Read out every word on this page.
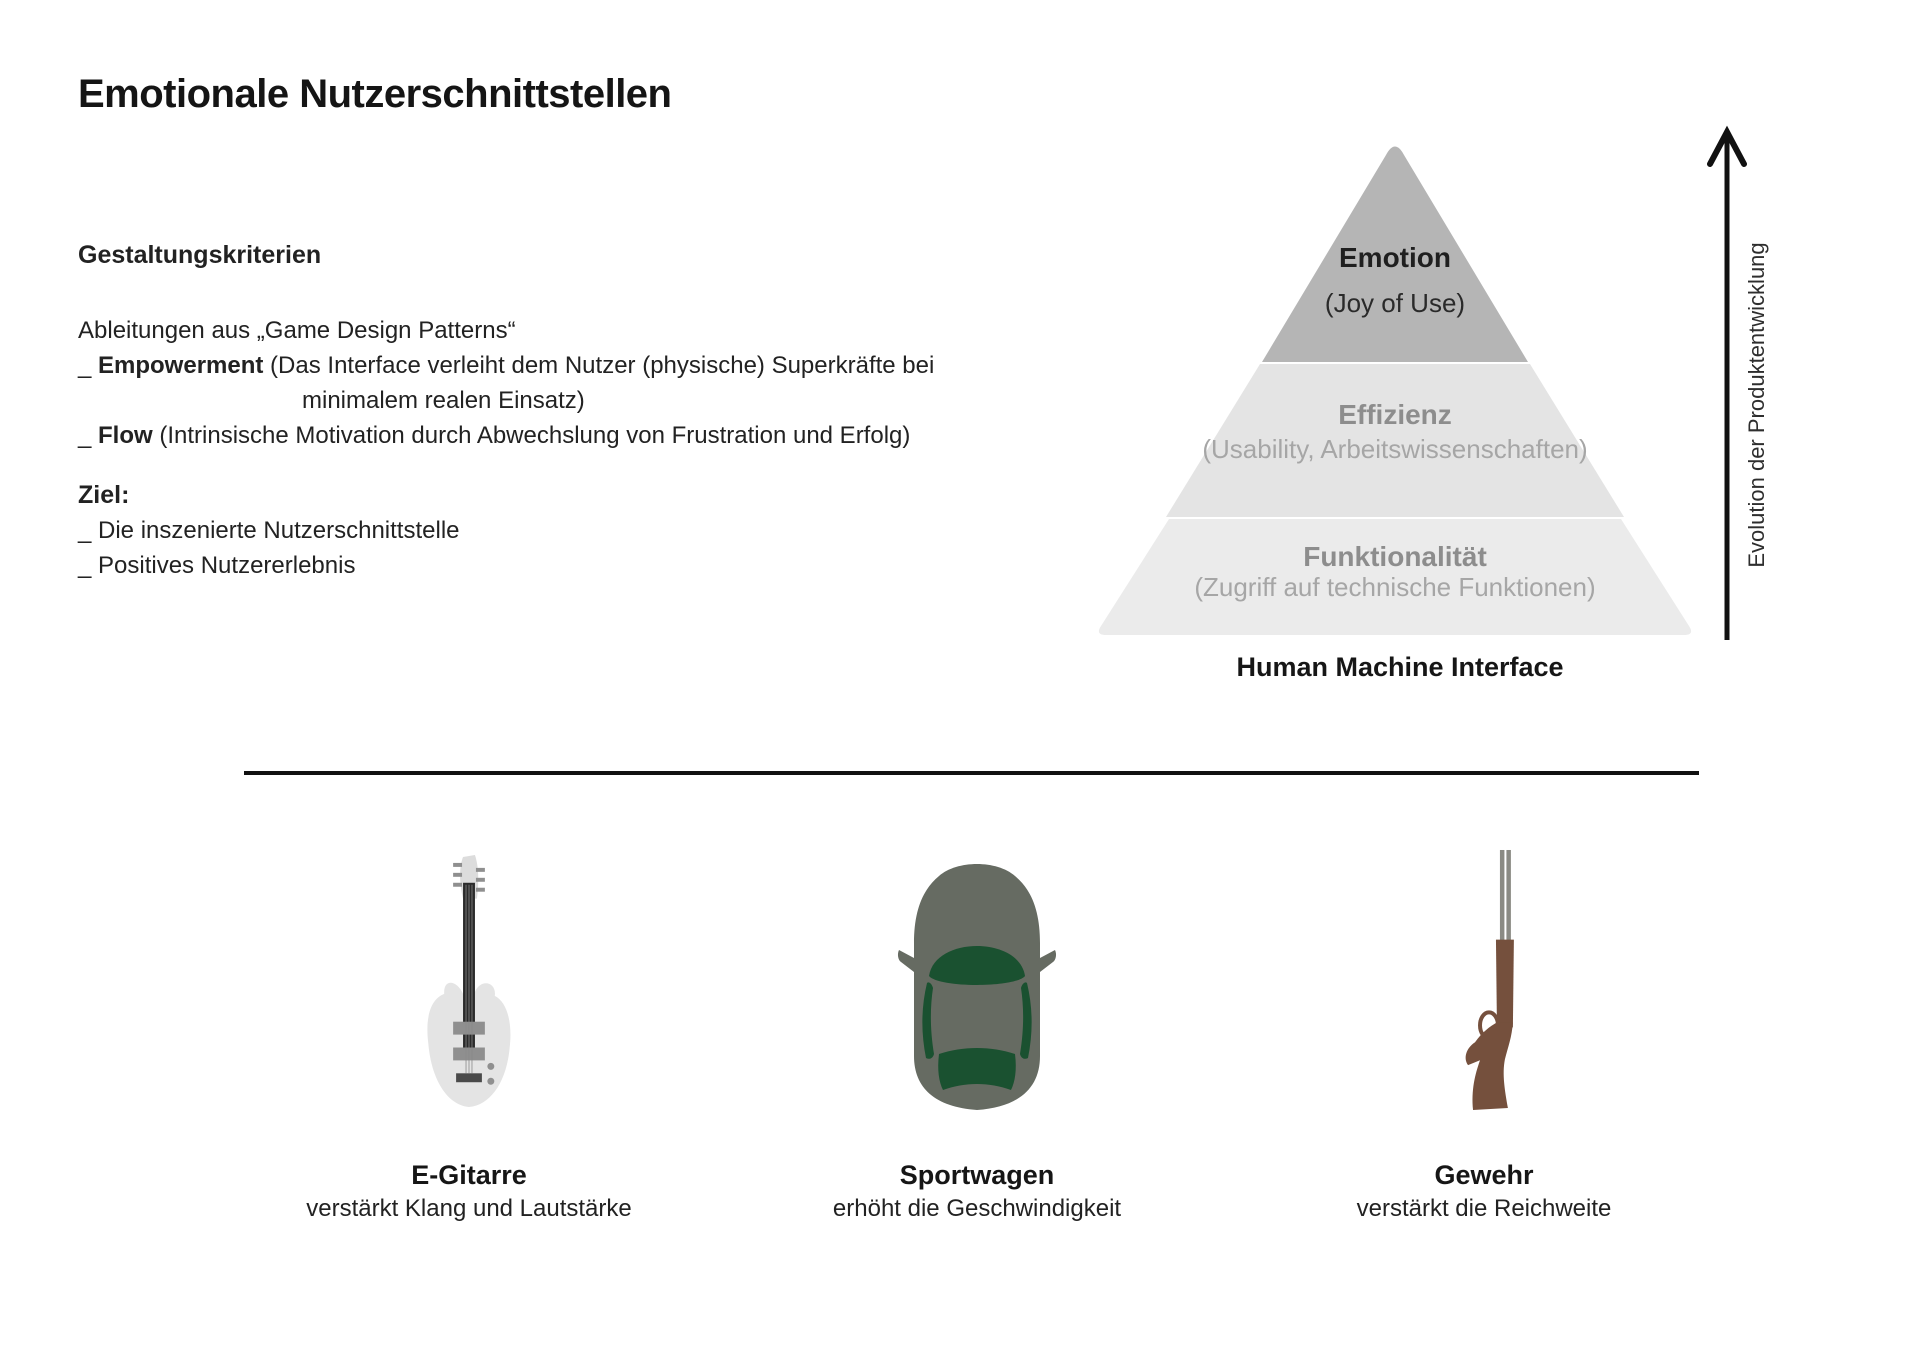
Emotionale Nutzerschnittstellen

Gestaltungskriterien

Ableitungen aus „Game Design Patterns“

_ Empowerment (Das Interface verleiht dem Nutzer (physische) Superkräfte bei

minimalem realen Einsatz)

_ Flow (Intrinsische Motivation durch Abwechslung von Frustration und Erfolg)

Ziel:

_ Die inszenierte Nutzerschnittstelle

_ Positives Nutzererlebnis

Emotion
(Joy of Use)
Effizienz
(Usability, Arbeitswissenschaften)
Funktionalität
(Zugriff auf technische Funktionen)
Human Machine Interface
Evolution der Produktentwicklung
E-Gitarre
verstärkt Klang und Lautstärke
Sportwagen
erhöht die Geschwindigkeit
Gewehr
verstärkt die Reichweite
